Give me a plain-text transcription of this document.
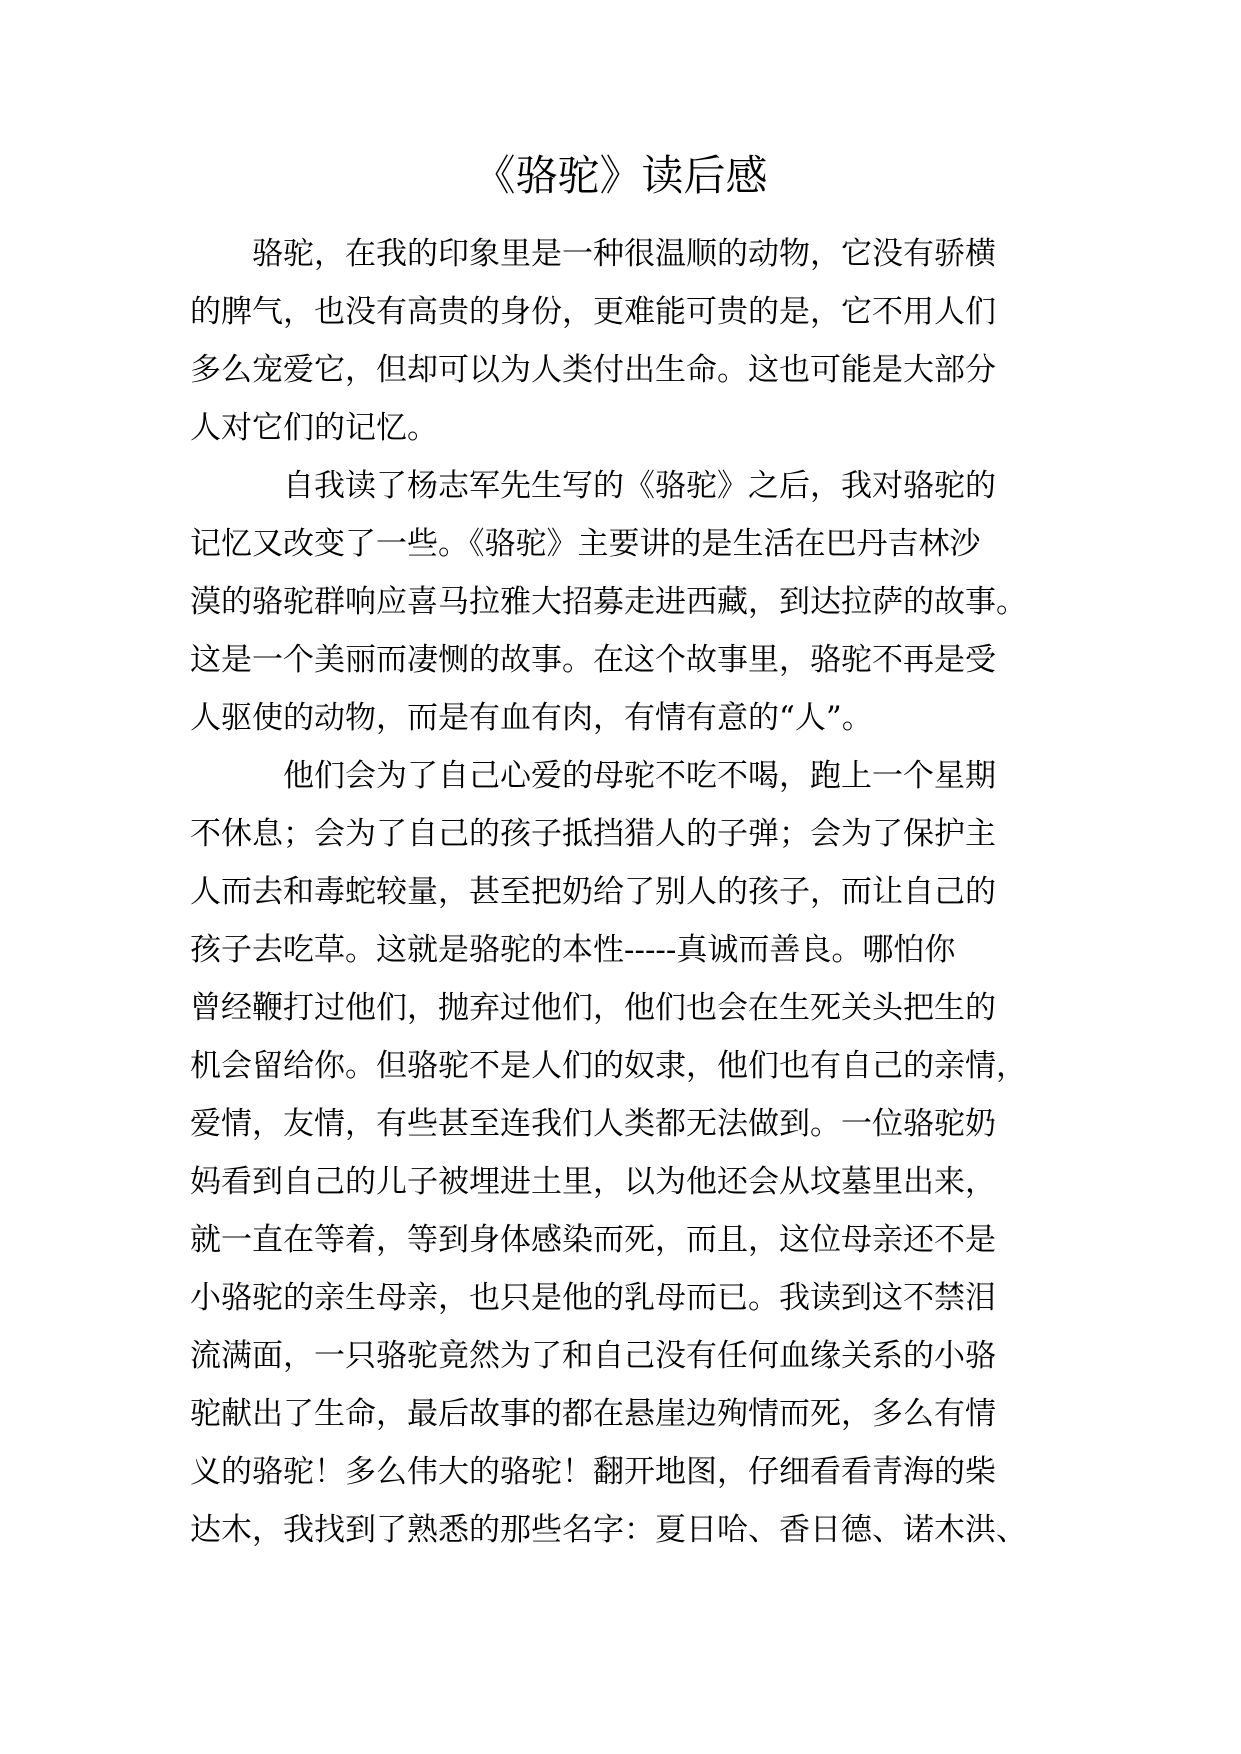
《骆驼》读后感
　　骆驼，在我的印象里是一种很温顺的动物，它没有骄横
的脾气，也没有高贵的身份，更难能可贵的是，它不用人们
多么宠爱它，但却可以为人类付出生命。这也可能是大部分
人对它们的记忆。
　　　自我读了杨志军先生写的《骆驼》之后，我对骆驼的
记忆又改变了一些。《骆驼》主要讲的是生活在巴丹吉林沙
漠的骆驼群响应喜马拉雅大招募走进西藏，到达拉萨的故事。
这是一个美丽而凄恻的故事。在这个故事里，骆驼不再是受
人驱使的动物，而是有血有肉，有情有意的“人”。
　　　他们会为了自己心爱的母驼不吃不喝，跑上一个星期
不休息；会为了自己的孩子抵挡猎人的子弹；会为了保护主
人而去和毒蛇较量，甚至把奶给了别人的孩子，而让自己的
孩子去吃草。这就是骆驼的本性-----真诚而善良。哪怕你
曾经鞭打过他们，抛弃过他们，他们也会在生死关头把生的
机会留给你。但骆驼不是人们的奴隶，他们也有自己的亲情，
爱情，友情，有些甚至连我们人类都无法做到。一位骆驼奶
妈看到自己的儿子被埋进土里，以为他还会从坟墓里出来，
就一直在等着，等到身体感染而死，而且，这位母亲还不是
小骆驼的亲生母亲，也只是他的乳母而已。我读到这不禁泪
流满面，一只骆驼竟然为了和自己没有任何血缘关系的小骆
驼献出了生命，最后故事的都在悬崖边殉情而死，多么有情
义的骆驼！多么伟大的骆驼！翻开地图，仔细看看青海的柴
达木，我找到了熟悉的那些名字：夏日哈、香日德、诺木洪、
